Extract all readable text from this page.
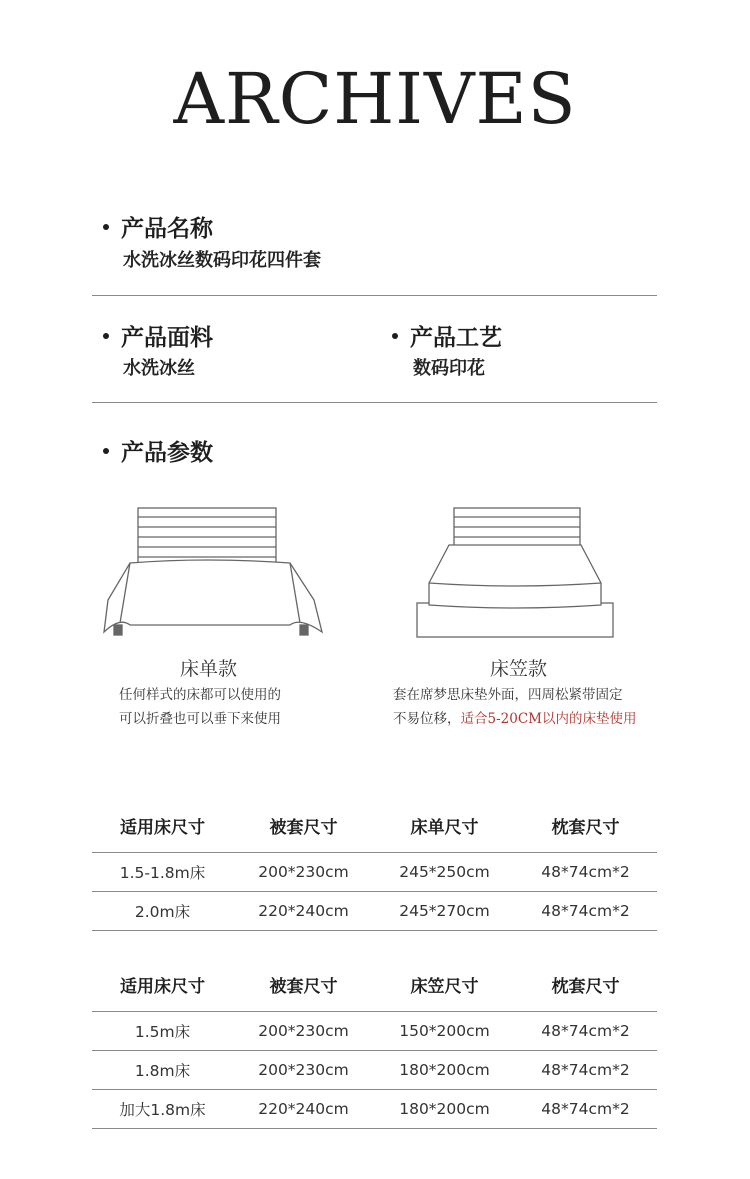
ARCHIVES
产品名称
水洗冰丝数码印花四件套
产品面料
水洗冰丝
产品工艺
数码印花
产品参数
床单款	床笠款
任何样式的床都可以使用的
可以折叠也可以垂下来使用
套在席梦思床垫外面，四周松紧带固定
不易位移，适合5-20CM以内的床垫使用
适用床尺寸	被套尺寸	床单尺寸	枕套尺寸
1.5-1.8m床	200*230cm	245*250cm	48*74cm*2
2.0m床	220*240cm	245*270cm	48*74cm*2
适用床尺寸	被套尺寸	床笠尺寸	枕套尺寸
1.5m床	200*230cm	150*200cm	48*74cm*2
1.8m床	200*230cm	180*200cm	48*74cm*2
加大1.8m床	220*240cm	180*200cm	48*74cm*2
